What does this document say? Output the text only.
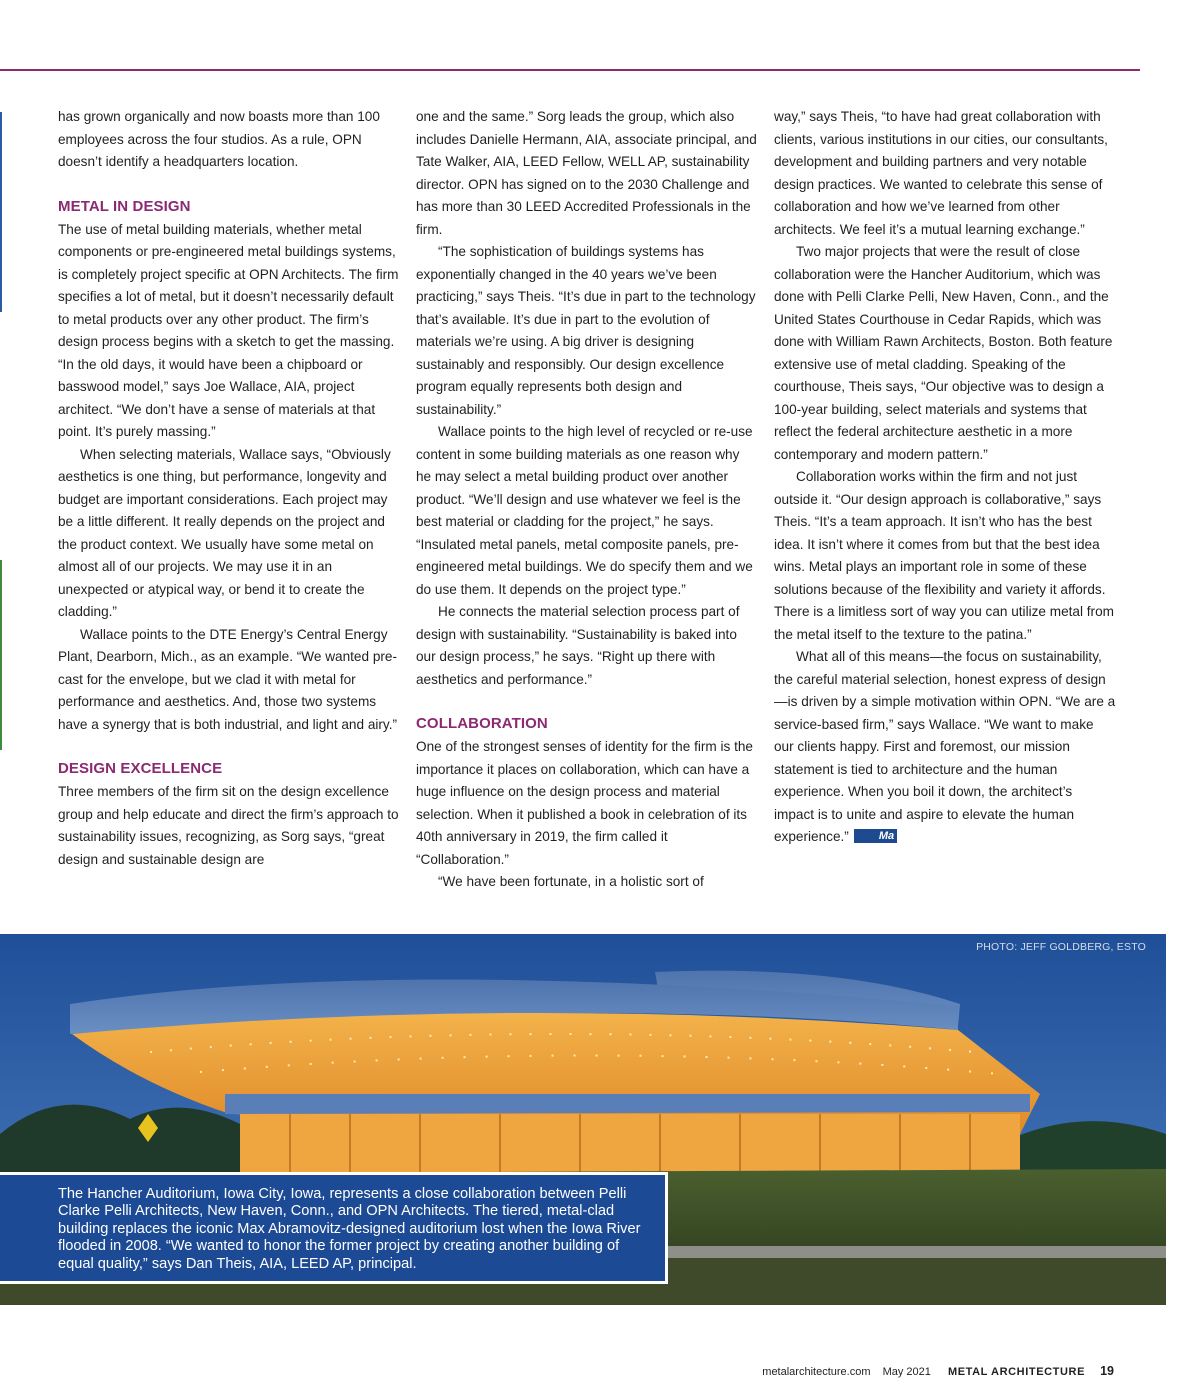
has grown organically and now boasts more than 100 employees across the four studios. As a rule, OPN doesn’t identify a headquarters location.

METAL IN DESIGN

The use of metal building materials, whether metal components or pre-engineered metal buildings systems, is completely project specific at OPN Architects. The firm specifies a lot of metal, but it doesn’t necessarily default to metal products over any other product. The firm’s design process begins with a sketch to get the massing. “In the old days, it would have been a chipboard or basswood model,” says Joe Wallace, AIA, project architect. “We don’t have a sense of materials at that point. It’s purely massing.”

When selecting materials, Wallace says, “Obviously aesthetics is one thing, but performance, longevity and budget are important considerations. Each project may be a little different. It really depends on the project and the product context. We usually have some metal on almost all of our projects. We may use it in an unexpected or atypical way, or bend it to create the cladding.”

Wallace points to the DTE Energy’s Central Energy Plant, Dearborn, Mich., as an example. “We wanted pre-cast for the envelope, but we clad it with metal for performance and aesthetics. And, those two systems have a synergy that is both industrial, and light and airy.”

DESIGN EXCELLENCE

Three members of the firm sit on the design excellence group and help educate and direct the firm’s approach to sustainability issues, recognizing, as Sorg says, “great design and sustainable design are

one and the same.” Sorg leads the group, which also includes Danielle Hermann, AIA, associate principal, and Tate Walker, AIA, LEED Fellow, WELL AP, sustainability director. OPN has signed on to the 2030 Challenge and has more than 30 LEED Accredited Professionals in the firm.

“The sophistication of buildings systems has exponentially changed in the 40 years we’ve been practicing,” says Theis. “It’s due in part to the technology that’s available. It’s due in part to the evolution of materials we’re using. A big driver is designing sustainably and responsibly. Our design excellence program equally represents both design and sustainability.”

Wallace points to the high level of recycled or re-use content in some building materials as one reason why he may select a metal building product over another product. “We’ll design and use whatever we feel is the best material or cladding for the project,” he says. “Insulated metal panels, metal composite panels, pre-engineered metal buildings. We do specify them and we do use them. It depends on the project type.”

He connects the material selection process part of design with sustainability. “Sustainability is baked into our design process,” he says. “Right up there with aesthetics and performance.”

COLLABORATION

One of the strongest senses of identity for the firm is the importance it places on collaboration, which can have a huge influence on the design process and material selection. When it published a book in celebration of its 40th anniversary in 2019, the firm called it “Collaboration.”

“We have been fortunate, in a holistic sort of

way,” says Theis, “to have had great collaboration with clients, various institutions in our cities, our consultants, development and building partners and very notable design practices. We wanted to celebrate this sense of collaboration and how we’ve learned from other architects. We feel it’s a mutual learning exchange.”

Two major projects that were the result of close collaboration were the Hancher Auditorium, which was done with Pelli Clarke Pelli, New Haven, Conn., and the United States Courthouse in Cedar Rapids, which was done with William Rawn Architects, Boston. Both feature extensive use of metal cladding. Speaking of the courthouse, Theis says, “Our objective was to design a 100-year building, select materials and systems that reflect the federal architecture aesthetic in a more contemporary and modern pattern.”

Collaboration works within the firm and not just outside it. “Our design approach is collaborative,” says Theis. “It’s a team approach. It isn’t who has the best idea. It isn’t where it comes from but that the best idea wins. Metal plays an important role in some of these solutions because of the flexibility and variety it affords. There is a limitless sort of way you can utilize metal from the metal itself to the texture to the patina.”

What all of this means—the focus on sustainability, the careful material selection, honest express of design—is driven by a simple motivation within OPN. “We are a service-based firm,” says Wallace. “We want to make our clients happy. First and foremost, our mission statement is tied to architecture and the human experience. When you boil it down, the architect’s impact is to unite and aspire to elevate the human experience.”	Ma

PHOTO: JEFF GOLDBERG, ESTO
The Hancher Auditorium, Iowa City, Iowa, represents a close collaboration between Pelli Clarke Pelli Architects, New Haven, Conn., and OPN Architects. The tiered, metal-clad building replaces the iconic Max Abramovitz-designed auditorium lost when the Iowa River flooded in 2008. “We wanted to honor the former project by creating another building of equal quality,” says Dan Theis, AIA, LEED AP, principal.
metalarchitecture.com May 2021 METAL ARCHITECTURE 19
